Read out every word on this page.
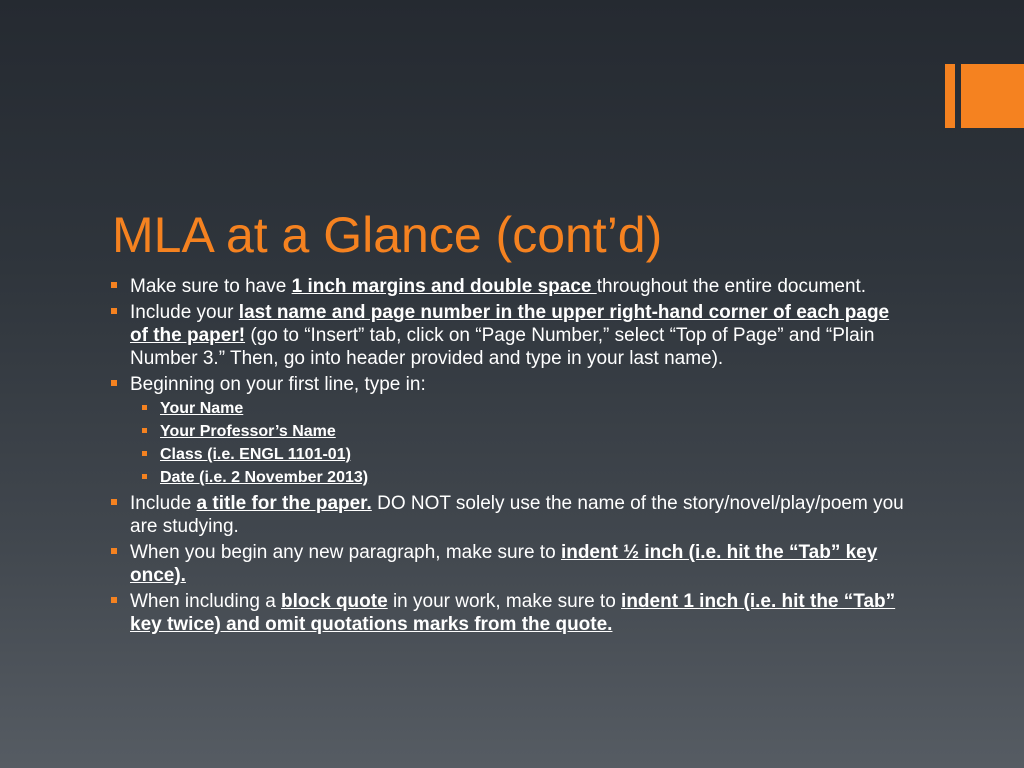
MLA at a Glance (cont’d)
Make sure to have 1 inch margins and double space throughout the entire document.
Include your last name and page number in the upper right-hand corner of each page of the paper! (go to “Insert” tab, click on “Page Number,” select “Top of Page” and “Plain Number 3.” Then, go into header provided and type in your last name).
Beginning on your first line, type in:
Your Name
Your Professor’s Name
Class (i.e. ENGL 1101-01)
Date (i.e. 2 November 2013)
Include a title for the paper. DO NOT solely use the name of the story/novel/play/poem you are studying.
When you begin any new paragraph, make sure to indent ½ inch (i.e. hit the “Tab” key once).
When including a block quote in your work, make sure to indent 1 inch (i.e. hit the “Tab” key twice) and omit quotations marks from the quote.
